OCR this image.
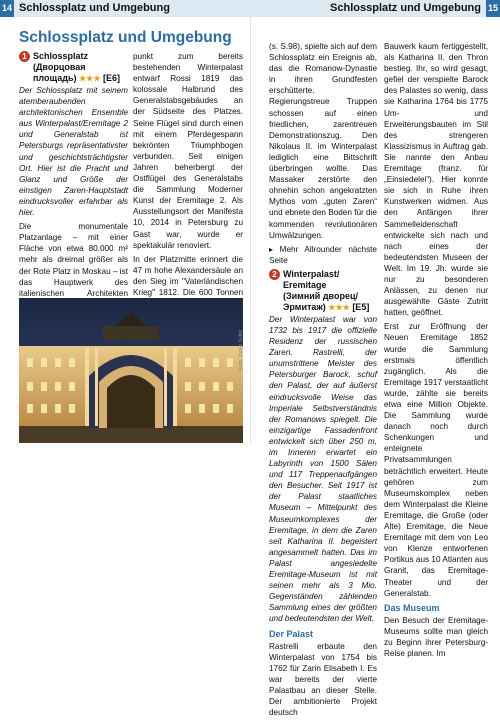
14 Schlossplatz und Umgebung	Schlossplatz und Umgebung 15
Schlossplatz und Umgebung
1 Schlossplatz
(Дворцовая площадь) ★★★ [E6]

Der Schlossplatz mit seinem atemberaubenden architektonischen Ensemble aus Winterpalast/Eremitage 2 und Generalstab ist Petersburgs repräsentativster und geschichtsträchtigster Ort. Hier ist die Pracht und Glanz und Größe der einstigen Zaren-Hauptstadt eindrucksvoller erfahrbar als hier.

Die monumentale Platzanlage – mit einer Fläche von etwa 80.000 m² mehr als dreimal größer als der Rote Platz in Moskau – ist das Hauptwerk des italienischen Architekten

punkt zum bereits bestehenden Winterpalast entwarf Rossi 1819 das kolossale Halbrund des Generalstabsgebäudes an der Südseite des Platzes. Seine Flügel sind durch einen mit einem Pferdegespann bekrönten Triumphbogen verbunden. Seit einigen Jahren beherbergt der Ostflügel des Generalstabs die Sammlung Moderner Kunst der Eremitage 2. Als Ausstellungsort der Manifesta 10, 2014 in Petersburg zu Gast war, wurde er spektakulär renoviert.

In der Platzmitte erinnert die 47 m hohe Alexandersäule an den Sieg im "Vaterländischen Krieg" 1812. Die 600 Tonnen

Foto: Jonas Sutter

(s. S.98), spielte sich auf dem Schlossplatz ein Ereignis ab, das die Romanow-Dynastie in ihren Grundfesten erschütterte. Regierungstreue Truppen schossen auf einen friedlichen, zarentreuen Demonstrationszug. Den Nikolaus II. im Winterpalast lediglich eine Bittschrift überbringen wollte. Das Massaker zerstörte den ohnehin schon angekratzten Mythos vom „guten Zaren“ und ebnete den Boden für die kommenden revolutionären Umwälzungen.

▸ Mehr Allrounder nächste Seite

2 Winterpalast/ Eremitage
(Зимний дворец/ Эрмитаж) ★★★ [E5]

Der Winterpalast war von 1732 bis 1917 die offizielle Residenz der russischen Zaren. Rastrelli, der unumstrittene Meister des Petersburger Barock, schuf den Palast, der auf äußerst eindrucksvolle Weise das Imperiale Selbstverständnis der Romanows spiegelt. Die einzigartige Fassadenfront entwickelt sich über 250 m, im Inneren erwartet ein Labyrinth von 1500 Sälen und 117 Treppenaufgängen den Besucher. Seit 1917 ist der Palast staatliches Museum – Mittelpunkt des Museumkomplexes der Eremitage, in dem die Zaren seit Katharina II. begeistert angesammelt hatten. Das im Palast angesiedelte Eremitage-Museum ist mit seinen mehr als 3 Mio. Gegenständen zählenden Sammlung eines der größten und bedeutendsten der Welt.

Der Palast

Rastrelli erbaute den Winterpalast von 1754 bis 1762 für Zarin Elisabeth I. Es war bereits der vierte Palastbau an dieser Stelle. Der ambitionierte Projekt deutsch

Bauwerk kaum fertiggestellt, als Katharina II. den Thron bestieg. Ihr, so wird gesagt, gefiel der verspielte Barock des Palastes so wenig, dass sie Katharina 1764 bis 1775 Um- und Erweiterungsbauten im Stil des strengeren Klassizismus in Auftrag gab. Sie nannte den Anbau Eremitage (franz. für „Einsiedelei“). Hier konnte sie sich in Ruhe ihren Kunstwerken widmen. Aus den Anfängen ihrer Sammelleidenschaft entwickelte sich nach und nach eines der bedeutendsten Museen der Welt. Im 19. Jh. wurde sie nur zu besonderen Anlässen, zu denen nur ausgewählte Gäste Zutritt hatten, geöffnet.

Erst zur Eröffnung der Neuen Eremitage 1852 wurde die Sammlung erstmals öffentlich zugänglich. Als die Eremitage 1917 verstaatlicht wurde, zählte sie bereits etwa eine Million Objekte. Die Sammlung wurde danach noch durch Schenkungen und enteignete Privatsammlungen beträchtlich erweitert. Heute gehören zum Museumskomplex neben dem Winterpalast die Kleine Eremitage, die Große (oder Alte) Eremitage, die Neue Eremitage mit dem von Leo von Klenze entworfenen Portikus aus 10 Atlanten aus Granit, das Eremitage-Theater und der Generalstab.

Das Museum

Den Besuch der Eremitage-Museums sollte man gleich zu Beginn ihrer Petersburg-Reise planen. Im
